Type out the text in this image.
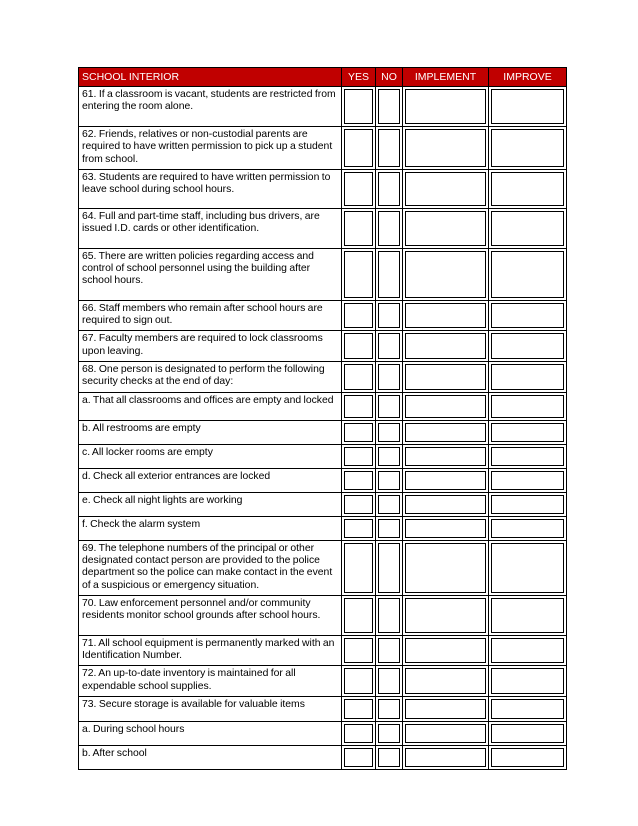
SCHOOL INTERIOR	YES	NO	IMPLEMENT	IMPROVE
61. If a classroom is vacant, students are restricted from entering the room alone.				
62. Friends, relatives or non-custodial parents are required to have written permission to pick up a student from school.				
63. Students are required to have written permission to leave school during school hours.				
64. Full and part-time staff, including bus drivers, are issued I.D. cards or other identification.				
65. There are written policies regarding access and control of school personnel using the building after school hours.				
66. Staff members who remain after school hours are required to sign out.				
67. Faculty members are required to lock classrooms upon leaving.				
68. One person is designated to perform the following security checks at the end of day:				
a. That all classrooms and offices are empty and locked				
b. All restrooms are empty				
c. All locker rooms are empty				
d. Check all exterior entrances are locked				
e. Check all night lights are working				
f. Check the alarm system				
69. The telephone numbers of the principal or other designated contact person are provided to the police department so the police can make contact in the event of a suspicious or emergency situation.				
70. Law enforcement personnel and/or community residents monitor school grounds after school hours.				
71. All school equipment is permanently marked with an Identification Number.				
72. An up-to-date inventory is maintained for all expendable school supplies.				
73. Secure storage is available for valuable items				
a. During school hours				
b. After school				
